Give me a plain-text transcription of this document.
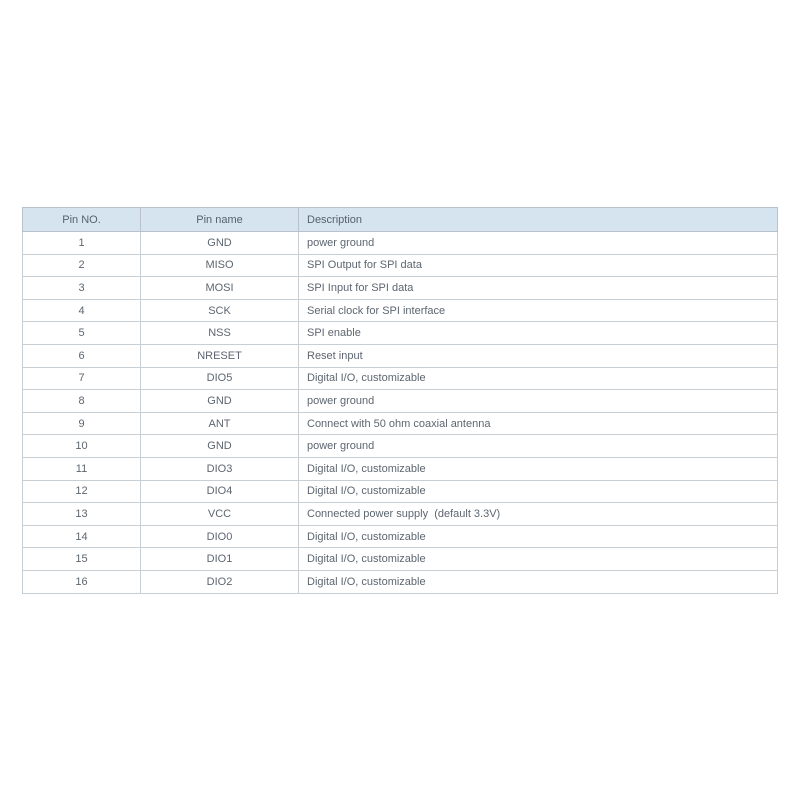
Pin NO.	Pin name	Description
1	GND	power ground
2	MISO	SPI Output for SPI data
3	MOSI	SPI Input for SPI data
4	SCK	Serial clock for SPI interface
5	NSS	SPI enable
6	NRESET	Reset input
7	DIO5	Digital I/O, customizable
8	GND	power ground
9	ANT	Connect with 50 ohm coaxial antenna
10	GND	power ground
11	DIO3	Digital I/O, customizable
12	DIO4	Digital I/O, customizable
13	VCC	Connected power supply  (default 3.3V)
14	DIO0	Digital I/O, customizable
15	DIO1	Digital I/O, customizable
16	DIO2	Digital I/O, customizable
